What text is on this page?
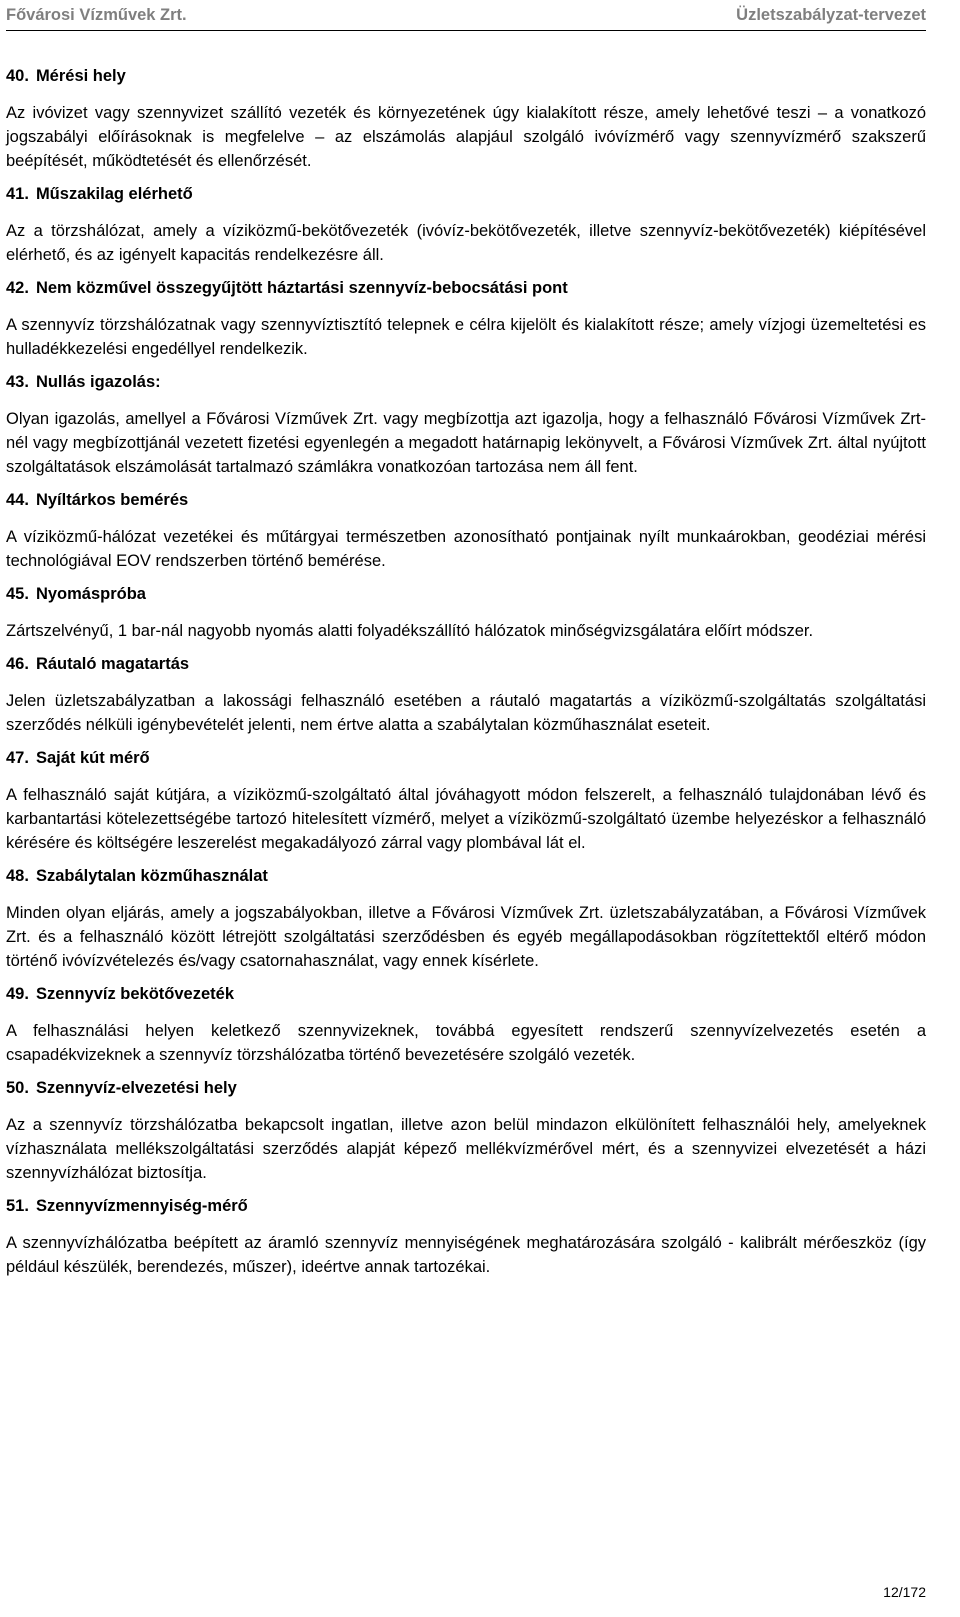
Fővárosi Vízművek Zrt.	Üzletszabályzat-tervezet

40. Mérési hely

Az ivóvizet vagy szennyvizet szállító vezeték és környezetének úgy kialakított része, amely lehetővé teszi – a vonatkozó jogszabályi előírásoknak is megfelelve – az elszámolás alapjául szolgáló ivóvízmérő vagy szennyvízmérő szakszerű beépítését, működtetését és ellenőrzését.

41. Műszakilag elérhető

Az a törzshálózat, amely a víziközmű-bekötővezeték (ivóvíz-bekötővezeték, illetve szennyvíz-bekötővezeték) kiépítésével elérhető, és az igényelt kapacitás rendelkezésre áll.

42. Nem közművel összegyűjtött háztartási szennyvíz-bebocsátási pont

A szennyvíz törzshálózatnak vagy szennyvíztisztító telepnek e célra kijelölt és kialakított része; amely vízjogi üzemeltetési es hulladékkezelési engedéllyel rendelkezik.

43. Nullás igazolás:

Olyan igazolás, amellyel a Fővárosi Vízművek Zrt. vagy megbízottja azt igazolja, hogy a felhasználó Fővárosi Vízművek Zrt-nél vagy megbízottjánál vezetett fizetési egyenlegén a megadott határnapig lekönyvelt, a Fővárosi Vízművek Zrt. által nyújtott szolgáltatások elszámolását tartalmazó számlákra vonatkozóan tartozása nem áll fent.

44. Nyíltárkos bemérés

A víziközmű-hálózat vezetékei és műtárgyai természetben azonosítható pontjainak nyílt munkaárokban, geodéziai mérési technológiával EOV rendszerben történő bemérése.

45. Nyomáspróba

Zártszelvényű, 1 bar-nál nagyobb nyomás alatti folyadékszállító hálózatok minőségvizsgálatára előírt módszer.

46. Ráutaló magatartás

Jelen üzletszabályzatban a lakossági felhasználó esetében a ráutaló magatartás a víziközmű-szolgáltatás szolgáltatási szerződés nélküli igénybevételét jelenti, nem értve alatta a szabálytalan közműhasználat eseteit.

47. Saját kút mérő

A felhasználó saját kútjára, a víziközmű-szolgáltató által jóváhagyott módon felszerelt, a felhasználó tulajdonában lévő és karbantartási kötelezettségébe tartozó hitelesített vízmérő, melyet a víziközmű-szolgáltató üzembe helyezéskor a felhasználó kérésére és költségére leszerelést megakadályozó zárral vagy plombával lát el.

48. Szabálytalan közműhasználat

Minden olyan eljárás, amely a jogszabályokban, illetve a Fővárosi Vízművek Zrt. üzletszabályzatában, a Fővárosi Vízművek Zrt. és a felhasználó között létrejött szolgáltatási szerződésben és egyéb megállapodásokban rögzítettektől eltérő módon történő ivóvízvételezés és/vagy csatornahasználat, vagy ennek kísérlete.

49. Szennyvíz bekötővezeték

A felhasználási helyen keletkező szennyvizeknek, továbbá egyesített rendszerű szennyvízelvezetés esetén a csapadékvizeknek a szennyvíz törzshálózatba történő bevezetésére szolgáló vezeték.

50. Szennyvíz-elvezetési hely

Az a szennyvíz törzshálózatba bekapcsolt ingatlan, illetve azon belül mindazon elkülönített felhasználói hely, amelyeknek vízhasználata mellékszolgáltatási szerződés alapját képező mellékvízmérővel mért, és a szennyvizei elvezetését a házi szennyvízhálózat biztosítja.

51. Szennyvízmennyiség-mérő

A szennyvízhálózatba beépített az áramló szennyvíz mennyiségének meghatározására szolgáló - kalibrált mérőeszköz (így például készülék, berendezés, műszer), ideértve annak tartozékai.

12/172
